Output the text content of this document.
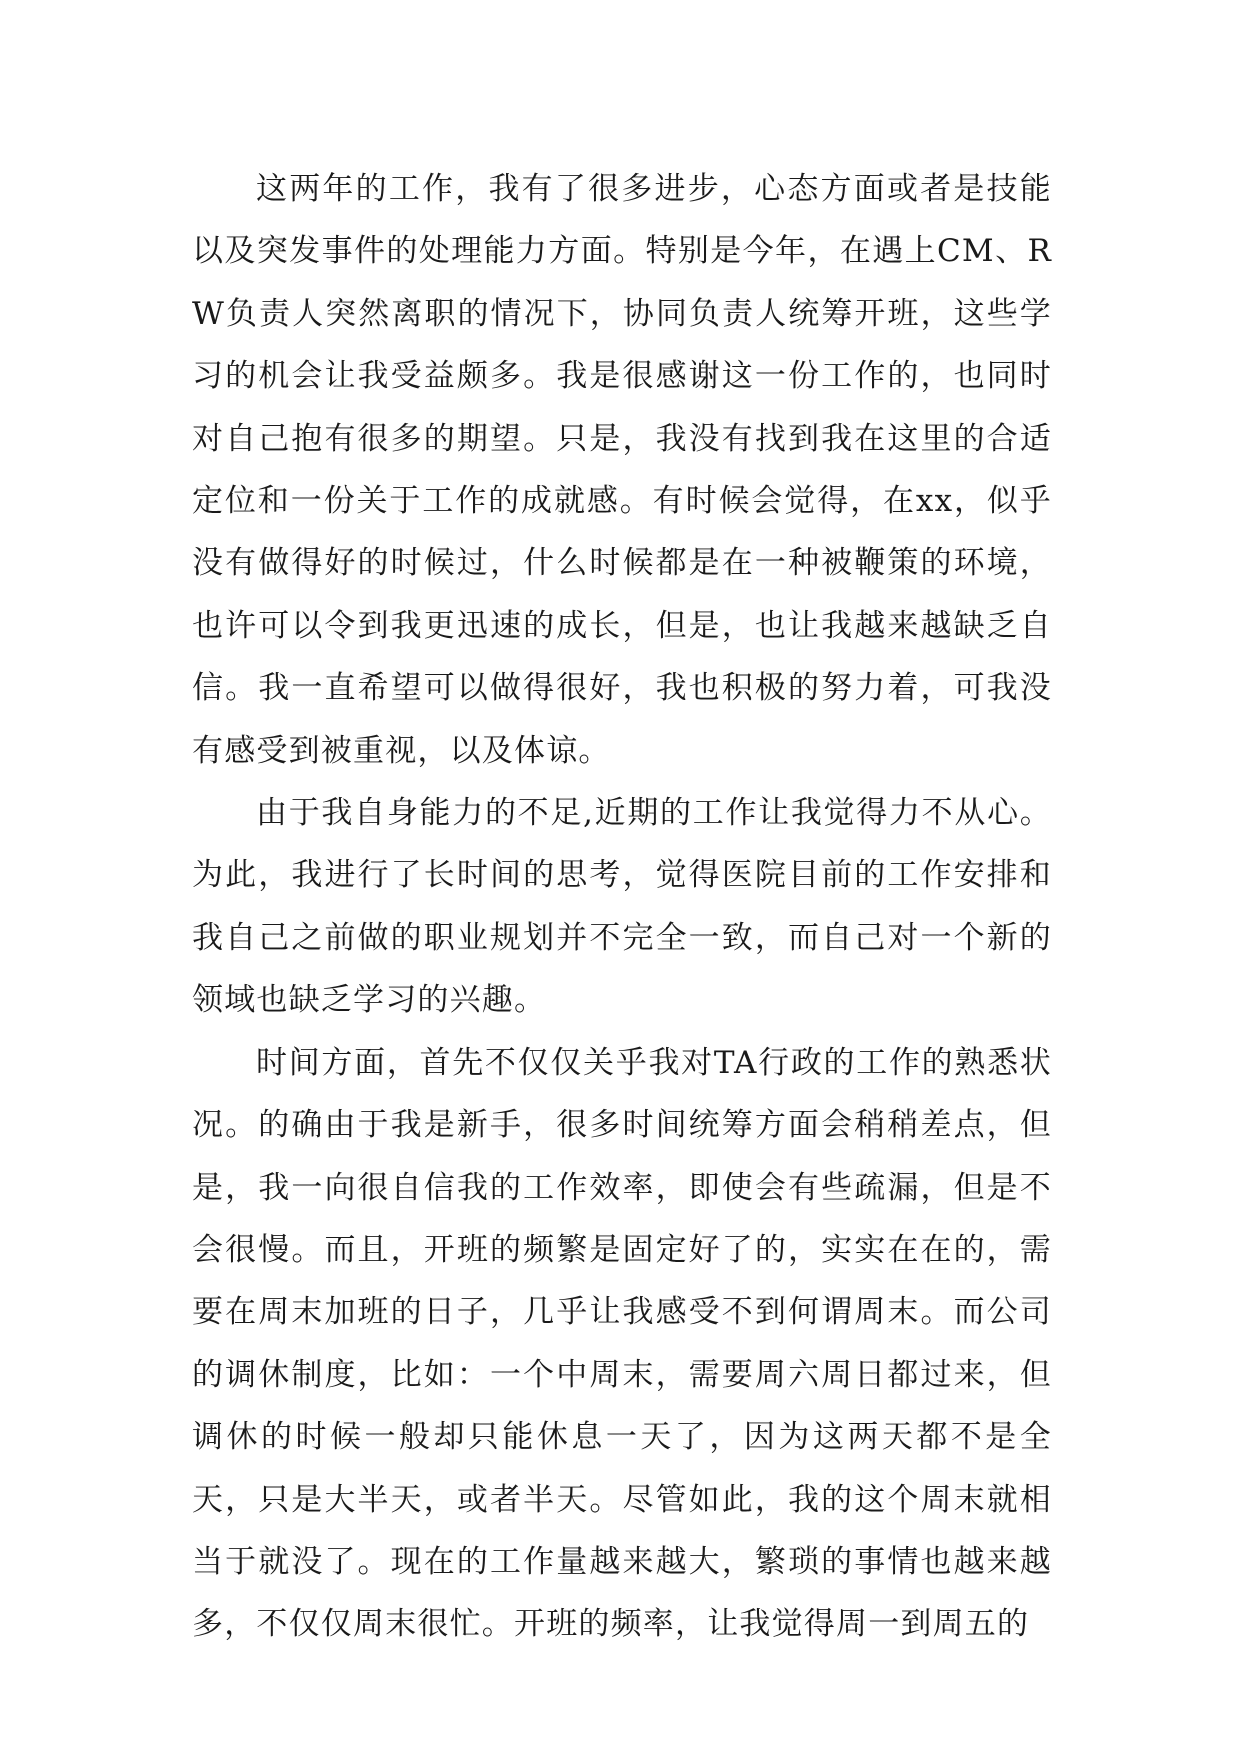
这两年的工作，我有了很多进步，心态方面或者是技能以及突发事件的处理能力方面。特别是今年，在遇上CM、RW负责人突然离职的情况下，协同负责人统筹开班，这些学习的机会让我受益颇多。我是很感谢这一份工作的，也同时对自己抱有很多的期望。只是，我没有找到我在这里的合适定位和一份关于工作的成就感。有时候会觉得，在xx，似乎没有做得好的时候过，什么时候都是在一种被鞭策的环境，也许可以令到我更迅速的成长，但是，也让我越来越缺乏自信。我一直希望可以做得很好，我也积极的努力着，可我没有感受到被重视，以及体谅。

由于我自身能力的不足,近期的工作让我觉得力不从心。为此，我进行了长时间的思考，觉得医院目前的工作安排和我自己之前做的职业规划并不完全一致，而自己对一个新的领域也缺乏学习的兴趣。

时间方面，首先不仅仅关乎我对TA行政的工作的熟悉状况。的确由于我是新手，很多时间统筹方面会稍稍差点，但是，我一向很自信我的工作效率，即使会有些疏漏，但是不会很慢。而且，开班的频繁是固定好了的，实实在在的，需要在周末加班的日子，几乎让我感受不到何谓周末。而公司的调休制度，比如：一个中周末，需要周六周日都过来，但调休的时候一般却只能休息一天了，因为这两天都不是全天，只是大半天，或者半天。尽管如此，我的这个周末就相当于就没了。现在的工作量越来越大，繁琐的事情也越来越多，不仅仅周末很忙。开班的频率，让我觉得周一到周五的
